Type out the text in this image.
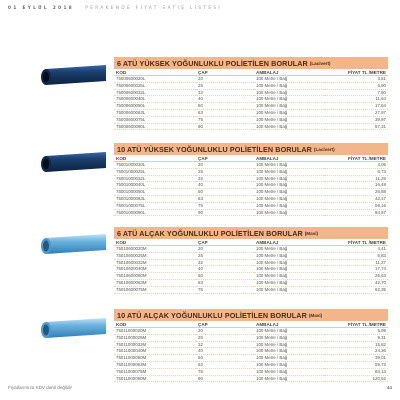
01 EYLÜL 2018	PERAKENDE FİYAT SATIŞ LİSTESİ
6 ATÜ YÜKSEK YOĞUNLUKLU POLİETİLEN BORULAR (Lacivert)
KOD	ÇAP	AMBALAJ	FİYAT TL /METRE
75000600020L	20	100 Metre / Bağ	3,51
75000600025L	25	100 Metre / Bağ	5,90
75000600032L	32	100 Metre / Bağ	7,80
75000600040L	40	100 Metre / Bağ	11,64
75000600050L	50	100 Metre / Bağ	17,64
75000600063L	63	100 Metre / Bağ	27,97
75000600075L	75	100 Metre / Bağ	39,97
75000600090L	90	100 Metre / Bağ	57,31
10 ATÜ YÜKSEK YOĞUNLUKLU POLİETİLEN BORULAR (Lacivert)
KOD	ÇAP	AMBALAJ	FİYAT TL /METRE
75001000020L	20	100 Metre / Bağ	4,05
75001000025L	25	100 Metre / Bağ	6,73
75001000032L	32	100 Metre / Bağ	11,26
75001000040L	40	100 Metre / Bağ	16,48
75001000050L	50	100 Metre / Bağ	26,88
75001000063L	63	100 Metre / Bağ	42,17
75001000075L	75	100 Metre / Bağ	59,16
75001000090L	90	100 Metre / Bağ	84,57
6 ATÜ ALÇAK YOĞUNLUKLU POLİETİLEN BORULAR (Mavi)
KOD	ÇAP	AMBALAJ	FİYAT TL /METRE
75010600020M	20	100 Metre / Bağ	4,41
75010600025M	25	100 Metre / Bağ	6,83
75010600032M	32	100 Metre / Bağ	11,27
75010600040M	40	100 Metre / Bağ	17,74
75010600050M	50	100 Metre / Bağ	26,63
75010600063M	63	100 Metre / Bağ	42,70
75010600075M	75	100 Metre / Bağ	62,35
10 ATÜ ALÇAK YOĞUNLUKLU POLİETİLEN BORULAR (Mavi)
KOD	ÇAP	AMBALAJ	FİYAT TL /METRE
75011000020M	20	100 Metre / Bağ	5,99
75011000025M	25	100 Metre / Bağ	9,31
75011000032M	32	100 Metre / Bağ	15,82
75011000040M	40	100 Metre / Bağ	24,36
75011000050M	50	100 Metre / Bağ	39,01
75011000063M	63	100 Metre / Bağ	59,73
75011000075M	75	100 Metre / Bağ	83,13
75011000090M	90	100 Metre / Bağ	120,52
Fiyatlarımıza KDV dahil değildir	44
